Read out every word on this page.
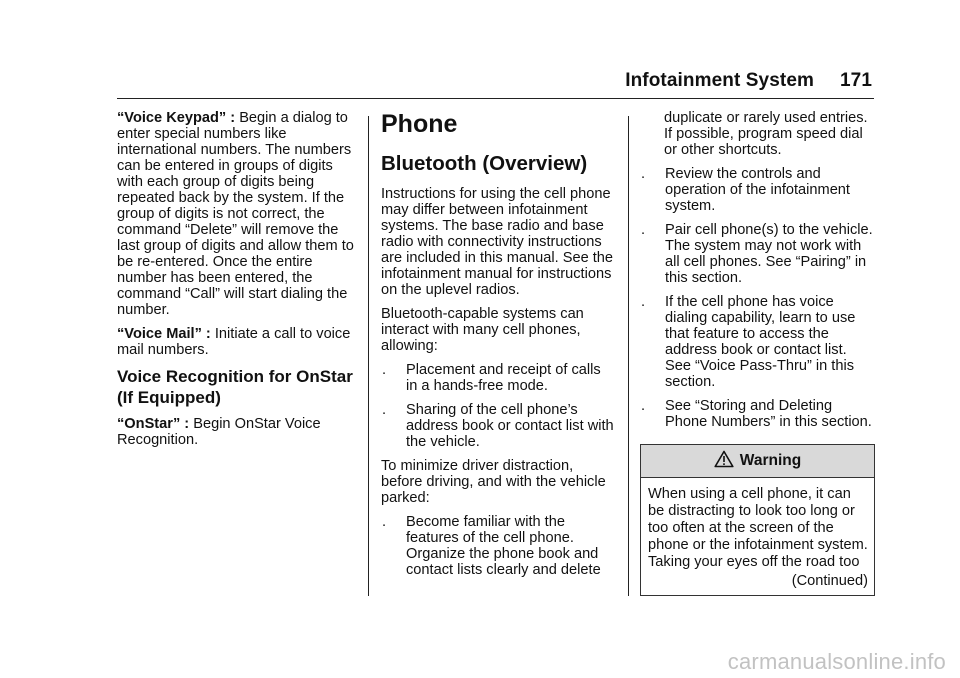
Infotainment System 171

“Voice Keypad” : Begin a dialog to enter special numbers like international numbers. The numbers can be entered in groups of digits with each group of digits being repeated back by the system. If the group of digits is not correct, the command “Delete” will remove the last group of digits and allow them to be re-entered. Once the entire number has been entered, the command “Call” will start dialing the number.

“Voice Mail” : Initiate a call to voice mail numbers.

Voice Recognition for OnStar (If Equipped)

“OnStar” : Begin OnStar Voice Recognition.

Phone
Bluetooth (Overview)

Instructions for using the cell phone may differ between infotainment systems. The base radio and base radio with connectivity instructions are included in this manual. See the infotainment manual for instructions on the uplevel radios.

Bluetooth-capable systems can interact with many cell phones, allowing:

.	Placement and receipt of calls in a hands-free mode.
.	Sharing of the cell phone’s address book or contact list with the vehicle.

To minimize driver distraction, before driving, and with the vehicle parked:

.	Become familiar with the features of the cell phone. Organize the phone book and contact lists clearly and delete

duplicate or rarely used entries. If possible, program speed dial or other shortcuts.

.	Review the controls and operation of the infotainment system.
.	Pair cell phone(s) to the vehicle. The system may not work with all cell phones. See “Pairing” in this section.
.	If the cell phone has voice dialing capability, learn to use that feature to access the address book or contact list. See “Voice Pass-Thru” in this section.
.	See “Storing and Deleting Phone Numbers” in this section.
Warning
When using a cell phone, it can be distracting to look too long or too often at the screen of the phone or the infotainment system. Taking your eyes off the road too
(Continued)
carmanualsonline.info
